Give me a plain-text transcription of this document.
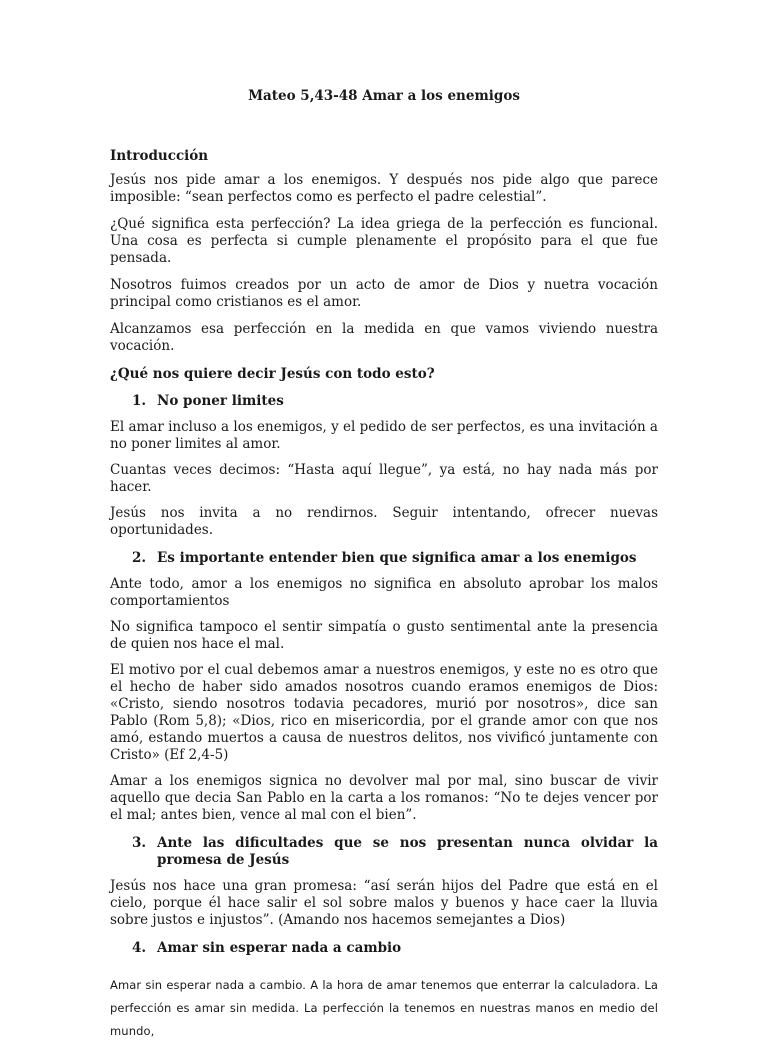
Mateo 5,43-48 Amar a los enemigos
Introducción

Jesús nos pide amar a los enemigos. Y después nos pide algo que parece imposible: “sean perfectos como es perfecto el padre celestial”.

¿Qué significa esta perfección? La idea griega de la perfección es funcional. Una cosa es perfecta si cumple plenamente el propósito para el que fue pensada.

Nosotros fuimos creados por un acto de amor de Dios y nuetra vocación principal como cristianos es el amor.

Alcanzamos esa perfección en la medida en que vamos viviendo nuestra vocación.

¿Qué nos quiere decir Jesús con todo esto?
1. No poner limites

El amar incluso a los enemigos, y el pedido de ser perfectos, es una invitación a no poner limites al amor.

Cuantas veces decimos: “Hasta aquí llegue”, ya está, no hay nada más por hacer.

Jesús nos invita a no rendirnos. Seguir intentando, ofrecer nuevas oportunidades.

2. Es importante entender bien que significa amar a los enemigos

Ante todo, amor a los enemigos no significa en absoluto aprobar los malos comportamientos

No significa tampoco el sentir simpatía o gusto sentimental ante la presencia de quien nos hace el mal.

El motivo por el cual debemos amar a nuestros enemigos, y este no es otro que el hecho de haber sido amados nosotros cuando eramos enemigos de Dios: «Cristo, siendo nosotros todavia pecadores, murió por nosotros», dice san Pablo (Rom 5,8); «Dios, rico en misericordia, por el grande amor con que nos amó, estando muertos a causa de nuestros delitos, nos vivificó juntamente con Cristo» (Ef 2,4-5)

Amar a los enemigos signica no devolver mal por mal, sino buscar de vivir aquello que decia San Pablo en la carta a los romanos: “No te dejes vencer por el mal; antes bien, vence al mal con el bien”.

3. Ante las dificultades que se nos presentan nunca olvidar la promesa de Jesús

Jesús nos hace una gran promesa: “así serán hijos del Padre que está en el cielo, porque él hace salir el sol sobre malos y buenos y hace caer la lluvia sobre justos e injustos”. (Amando nos hacemos semejantes a Dios)

4. Amar sin esperar nada a cambio

Amar sin esperar nada a cambio. A la hora de amar tenemos que enterrar la calculadora. La perfección es amar sin medida. La perfección la tenemos en nuestras manos en medio del mundo,
